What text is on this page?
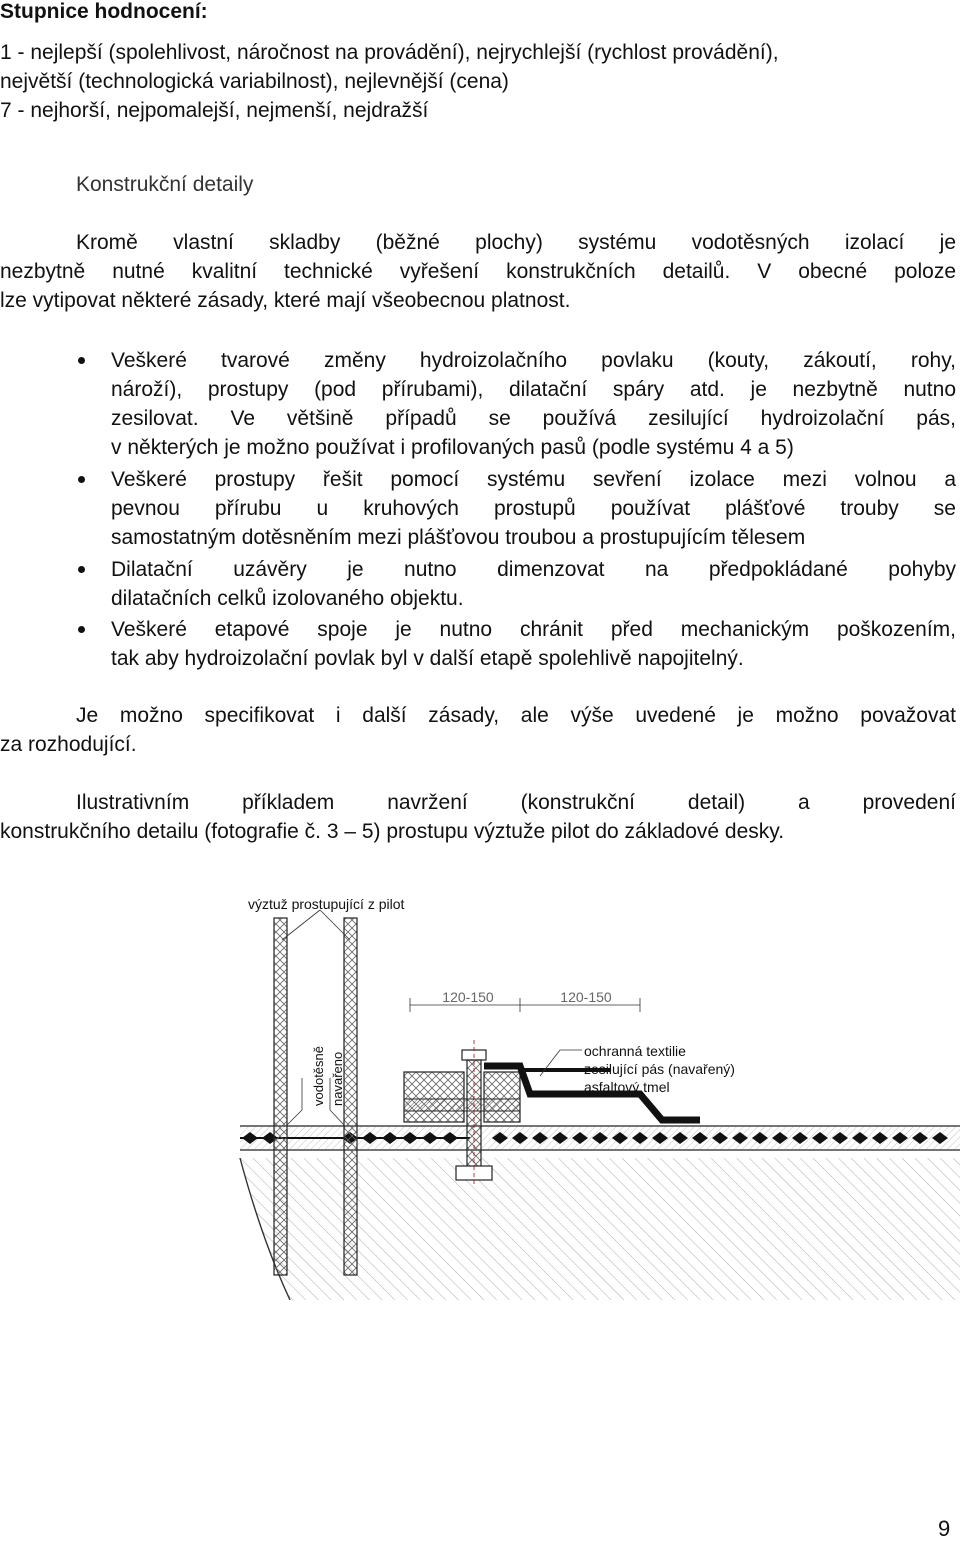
Stupnice hodnocení:
1 - nejlepší (spolehlivost, náročnost na provádění), nejrychlejší (rychlost provádění),
největší (technologická variabilnost), nejlevnější (cena)
7 - nejhorší, nejpomalejší, nejmenší, nejdražší
Konstrukční detaily
Kromě vlastní skladby (běžné plochy) systému vodotěsných izolací je
nezbytně nutné kvalitní technické vyřešení konstrukčních detailů. V obecné poloze
lze vytipovat některé zásady, které mají všeobecnou platnost.
Veškeré tvarové změny hydroizolačního povlaku (kouty, zákoutí, rohy,
nároží), prostupy (pod přírubami), dilatační spáry atd. je nezbytně nutno
zesilovat. Ve většině případů se používá zesilující hydroizolační pás,
v některých je možno používat i profilovaných pasů (podle systému 4 a 5)
Veškeré prostupy řešit pomocí systému sevření izolace mezi volnou a
pevnou přírubu u kruhových prostupů používat plášťové trouby se
samostatným dotěsněním mezi plášťovou troubou a prostupujícím tělesem
Dilatační uzávěry je nutno dimenzovat na předpokládané pohyby
dilatačních celků izolovaného objektu.
Veškeré etapové spoje je nutno chránit před mechanickým poškozením,
tak aby hydroizolační povlak byl v další etapě spolehlivě napojitelný.
Je možno specifikovat i další zásady, ale výše uvedené je možno považovat
za rozhodující.
Ilustrativním příkladem navržení (konstrukční detail) a provedení
konstrukčního detailu (fotografie č. 3 – 5) prostupu výztuže pilot do základové desky.
120-150	120-150
výztuž prostupující z pilot
vodotěsně navařeno
ochranná textilie
zesilující pás (navařený)
asfaltový tmel
9
